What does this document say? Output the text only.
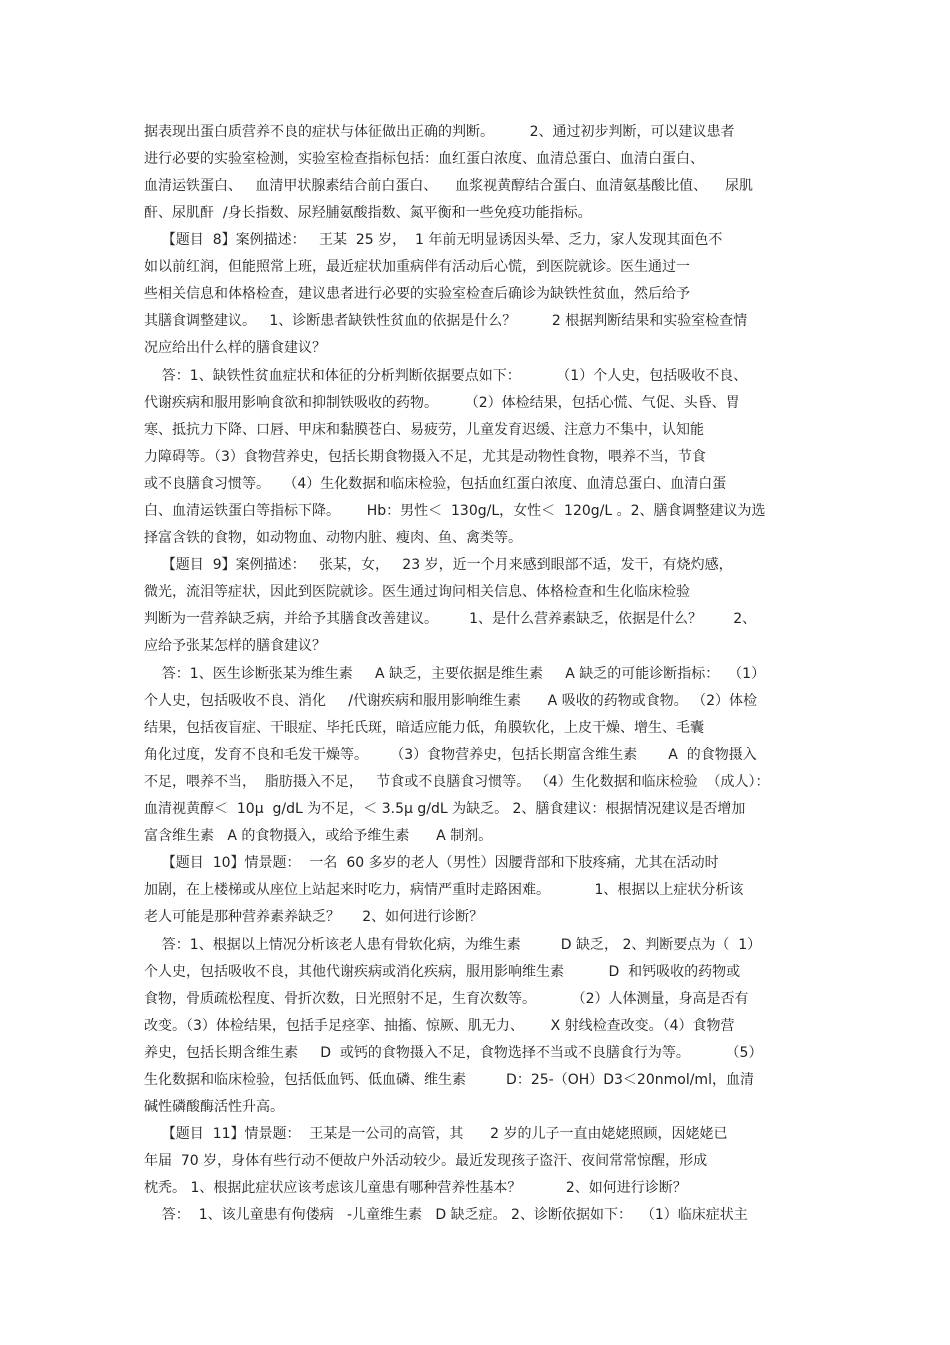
据表现出蛋白质营养不良的症状与体征做出正确的判断。        2、通过初步判断，可以建议患者
进行必要的实验室检测，实验室检查指标包括：血红蛋白浓度、血清总蛋白、血清白蛋白、
血清运铁蛋白、   血清甲状腺素结合前白蛋白、    血浆视黄醇结合蛋白、血清氨基酸比值、    尿肌
酐、尿肌酐  /身长指数、尿羟脯氨酸指数、氮平衡和一些免疫功能指标。
【题目  8】案例描述：   王某  25 岁，  1 年前无明显诱因头晕、乏力，家人发现其面色不
如以前红润，但能照常上班，最近症状加重病伴有活动后心慌，到医院就诊。医生通过一
些相关信息和体格检查，建议患者进行必要的实验室检查后确诊为缺铁性贫血，然后给予
其膳食调整建议。   1、诊断患者缺铁性贫血的依据是什么？        2 根据判断结果和实验室检查情
况应给出什么样的膳食建议？
答：1、缺铁性贫血症状和体征的分析判断依据要点如下：        （1）个人史，包括吸收不良、
代谢疾病和服用影响食欲和抑制铁吸收的药物。      （2）体检结果，包括心慌、气促、头昏、胃
寒、抵抗力下降、口唇、甲床和黏膜苍白、易疲劳，儿童发育迟缓、注意力不集中，认知能
力障碍等。（3）食物营养史，包括长期食物摄入不足，尤其是动物性食物，喂养不当，节食
或不良膳食习惯等。   （4）生化数据和临床检验，包括血红蛋白浓度、血清总蛋白、血清白蛋
白、血清运铁蛋白等指标下降。      Hb：男性＜  130g/L，女性＜  120g/L 。2、膳食调整建议为选
择富含铁的食物，如动物血、动物内脏、瘦肉、鱼、禽类等。
【题目  9】案例描述：   张某，女，   23 岁，近一个月来感到眼部不适，发干，有烧灼感，
微光，流泪等症状，因此到医院就诊。医生通过询问相关信息、体格检查和生化临床检验
判断为一营养缺乏病，并给予其膳食改善建议。       1、是什么营养素缺乏，依据是什么？       2、
应给予张某怎样的膳食建议？
答：1、医生诊断张某为维生素     A 缺乏，主要依据是维生素     A 缺乏的可能诊断指标：  （1）
个人史，包括吸收不良、消化     /代谢疾病和服用影响维生素      A 吸收的药物或食物。 （2）体检
结果，包括夜盲症、干眼症、毕托氏斑，暗适应能力低，角膜软化，上皮干燥、增生、毛囊
角化过度，发育不良和毛发干燥等。     （3）食物营养史，包括长期富含维生素       A  的食物摄入
不足，喂养不当，  脂肪摄入不足，   节食或不良膳食习惯等。 （4）生化数据和临床检验  （成人）：
血清视黄醇＜  10μ  g/dL 为不足，＜ 3.5μ g/dL 为缺乏。 2、膳食建议：根据情况建议是否增加
富含维生素   A 的食物摄入，或给予维生素      A 制剂。
【题目  10】情景题：  一名  60 多岁的老人（男性）因腰背部和下肢疼痛，尤其在活动时
加剧，在上楼梯或从座位上站起来时吃力，病情严重时走路困难。          1、根据以上症状分析该
老人可能是那种营养素养缺乏？     2、如何进行诊断？
答：1、根据以上情况分析该老人患有骨软化病，为维生素         D 缺乏， 2、判断要点为（  1）
个人史，包括吸收不良，其他代谢疾病或消化疾病，服用影响维生素          D  和钙吸收的药物或
食物，骨质疏松程度、骨折次数，日光照射不足，生育次数等。        （2）人体测量，身高是否有
改变。（3）体检结果，包括手足痉挛、抽搐、惊厥、肌无力、      X 射线检查改变。（4）食物营
养史，包括长期含维生素     D  或钙的食物摄入不足，食物选择不当或不良膳食行为等。        （5）
生化数据和临床检验，包括低血钙、低血磷、维生素         D：25-（OH）D3＜20nmol/ml，血清
碱性磷酸酶活性升高。
【题目  11】情景题：  王某是一公司的高管，其      2 岁的儿子一直由姥姥照顾，因姥姥已
年届  70 岁，身体有些行动不便故户外活动较少。最近发现孩子盗汗、夜间常常惊醒，形成
枕秃。 1、根据此症状应该考虑该儿童患有哪种营养性基本？          2、如何进行诊断？
答：  1、该儿童患有佝偻病   -儿童维生素   D 缺乏症。 2、诊断依据如下：  （1）临床症状主
